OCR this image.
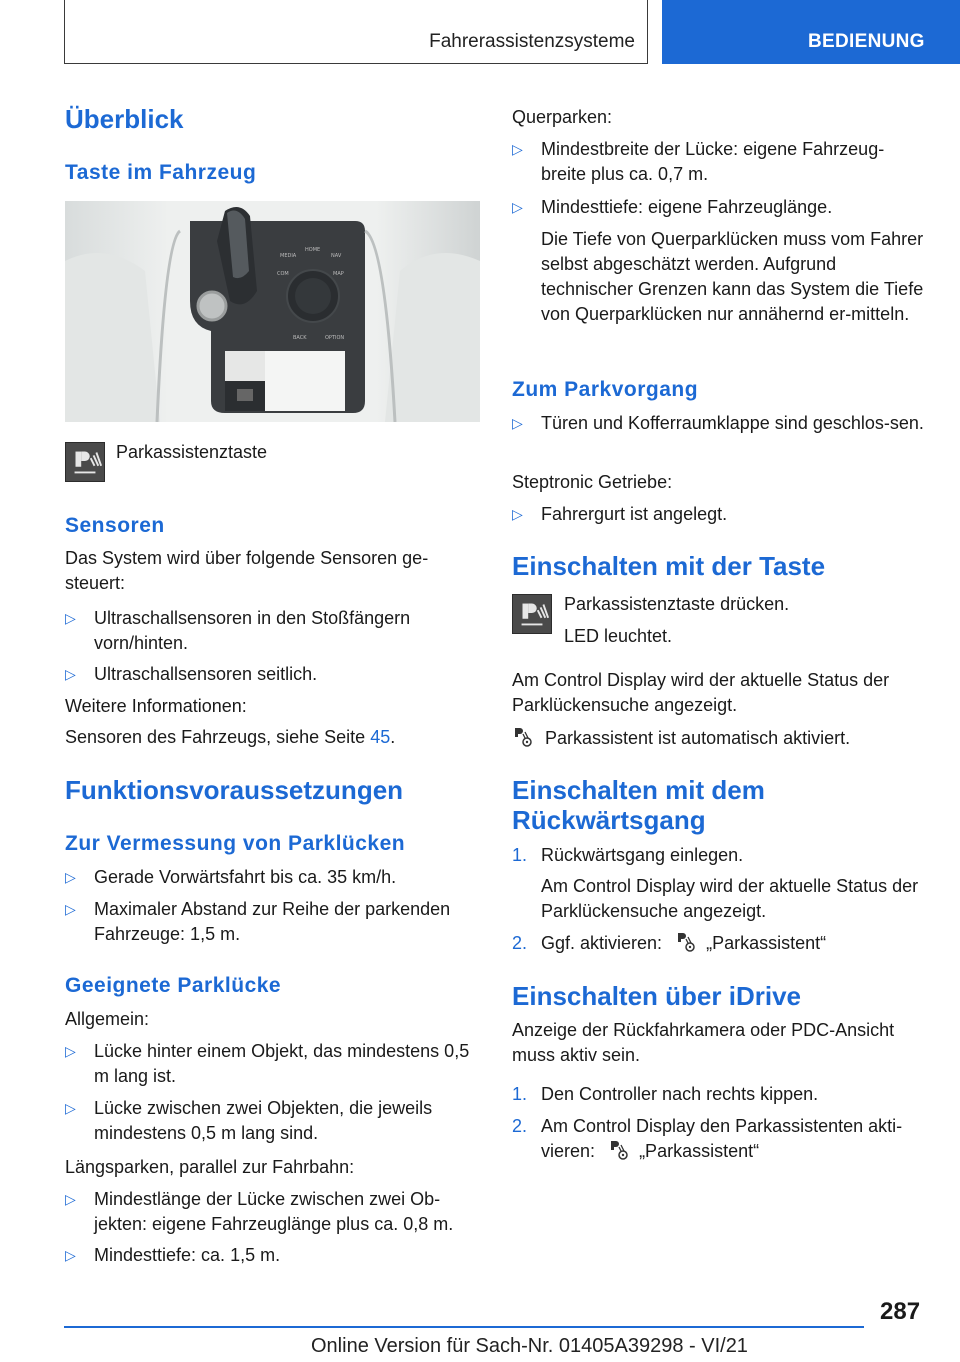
Fahrerassistenzsysteme	BEDIENUNG
Überblick
Taste im Fahrzeug
MEDIA
HOME
NAV
COM	MAP
BACK	OPTION
Parkassistenztaste
Sensoren
Das System wird über folgende Sensoren ge-steuert:
▷ Ultraschallsensoren in den Stoßfängern vorn/hinten.
▷ Ultraschallsensoren seitlich.
Weitere Informationen:
Sensoren des Fahrzeugs, siehe Seite 45.
Funktionsvoraussetzungen
Zur Vermessung von Parklücken
▷ Gerade Vorwärtsfahrt bis ca. 35 km/h.
▷ Maximaler Abstand zur Reihe der parkenden Fahrzeuge: 1,5 m.
Geeignete Parklücke
Allgemein:
▷ Lücke hinter einem Objekt, das mindestens 0,5 m lang ist.
▷ Lücke zwischen zwei Objekten, die jeweils mindestens 0,5 m lang sind.
Längsparken, parallel zur Fahrbahn:
▷ Mindestlänge der Lücke zwischen zwei Ob-jekten: eigene Fahrzeuglänge plus ca. 0,8 m.
▷ Mindesttiefe: ca. 1,5 m.
Querparken:
▷ Mindestbreite der Lücke: eigene Fahrzeug-breite plus ca. 0,7 m.
▷ Mindesttiefe: eigene Fahrzeuglänge.
Die Tiefe von Querparklücken muss vom Fahrer selbst abgeschätzt werden. Aufgrund technischer Grenzen kann das System die Tiefe von Querparklücken nur annähernd er-mitteln.
Zum Parkvorgang
▷ Türen und Kofferraumklappe sind geschlos-sen.
Steptronic Getriebe:
▷ Fahrergurt ist angelegt.
Einschalten mit der Taste
Parkassistenztaste drücken.
LED leuchtet.
Am Control Display wird der aktuelle Status der Parklückensuche angezeigt.
Parkassistent ist automatisch aktiviert.
Einschalten mit dem
Rückwärtsgang
1. Rückwärtsgang einlegen.
Am Control Display wird der aktuelle Status der Parklückensuche angezeigt.
2. Ggf. aktivieren: „Parkassistent“
Einschalten über iDrive
Anzeige der Rückfahrkamera oder PDC-Ansicht muss aktiv sein.
1. Den Controller nach rechts kippen.
2. Am Control Display den Parkassistenten akti-vieren: „Parkassistent“
287
Online Version für Sach-Nr. 01405A39298 - VI/21
